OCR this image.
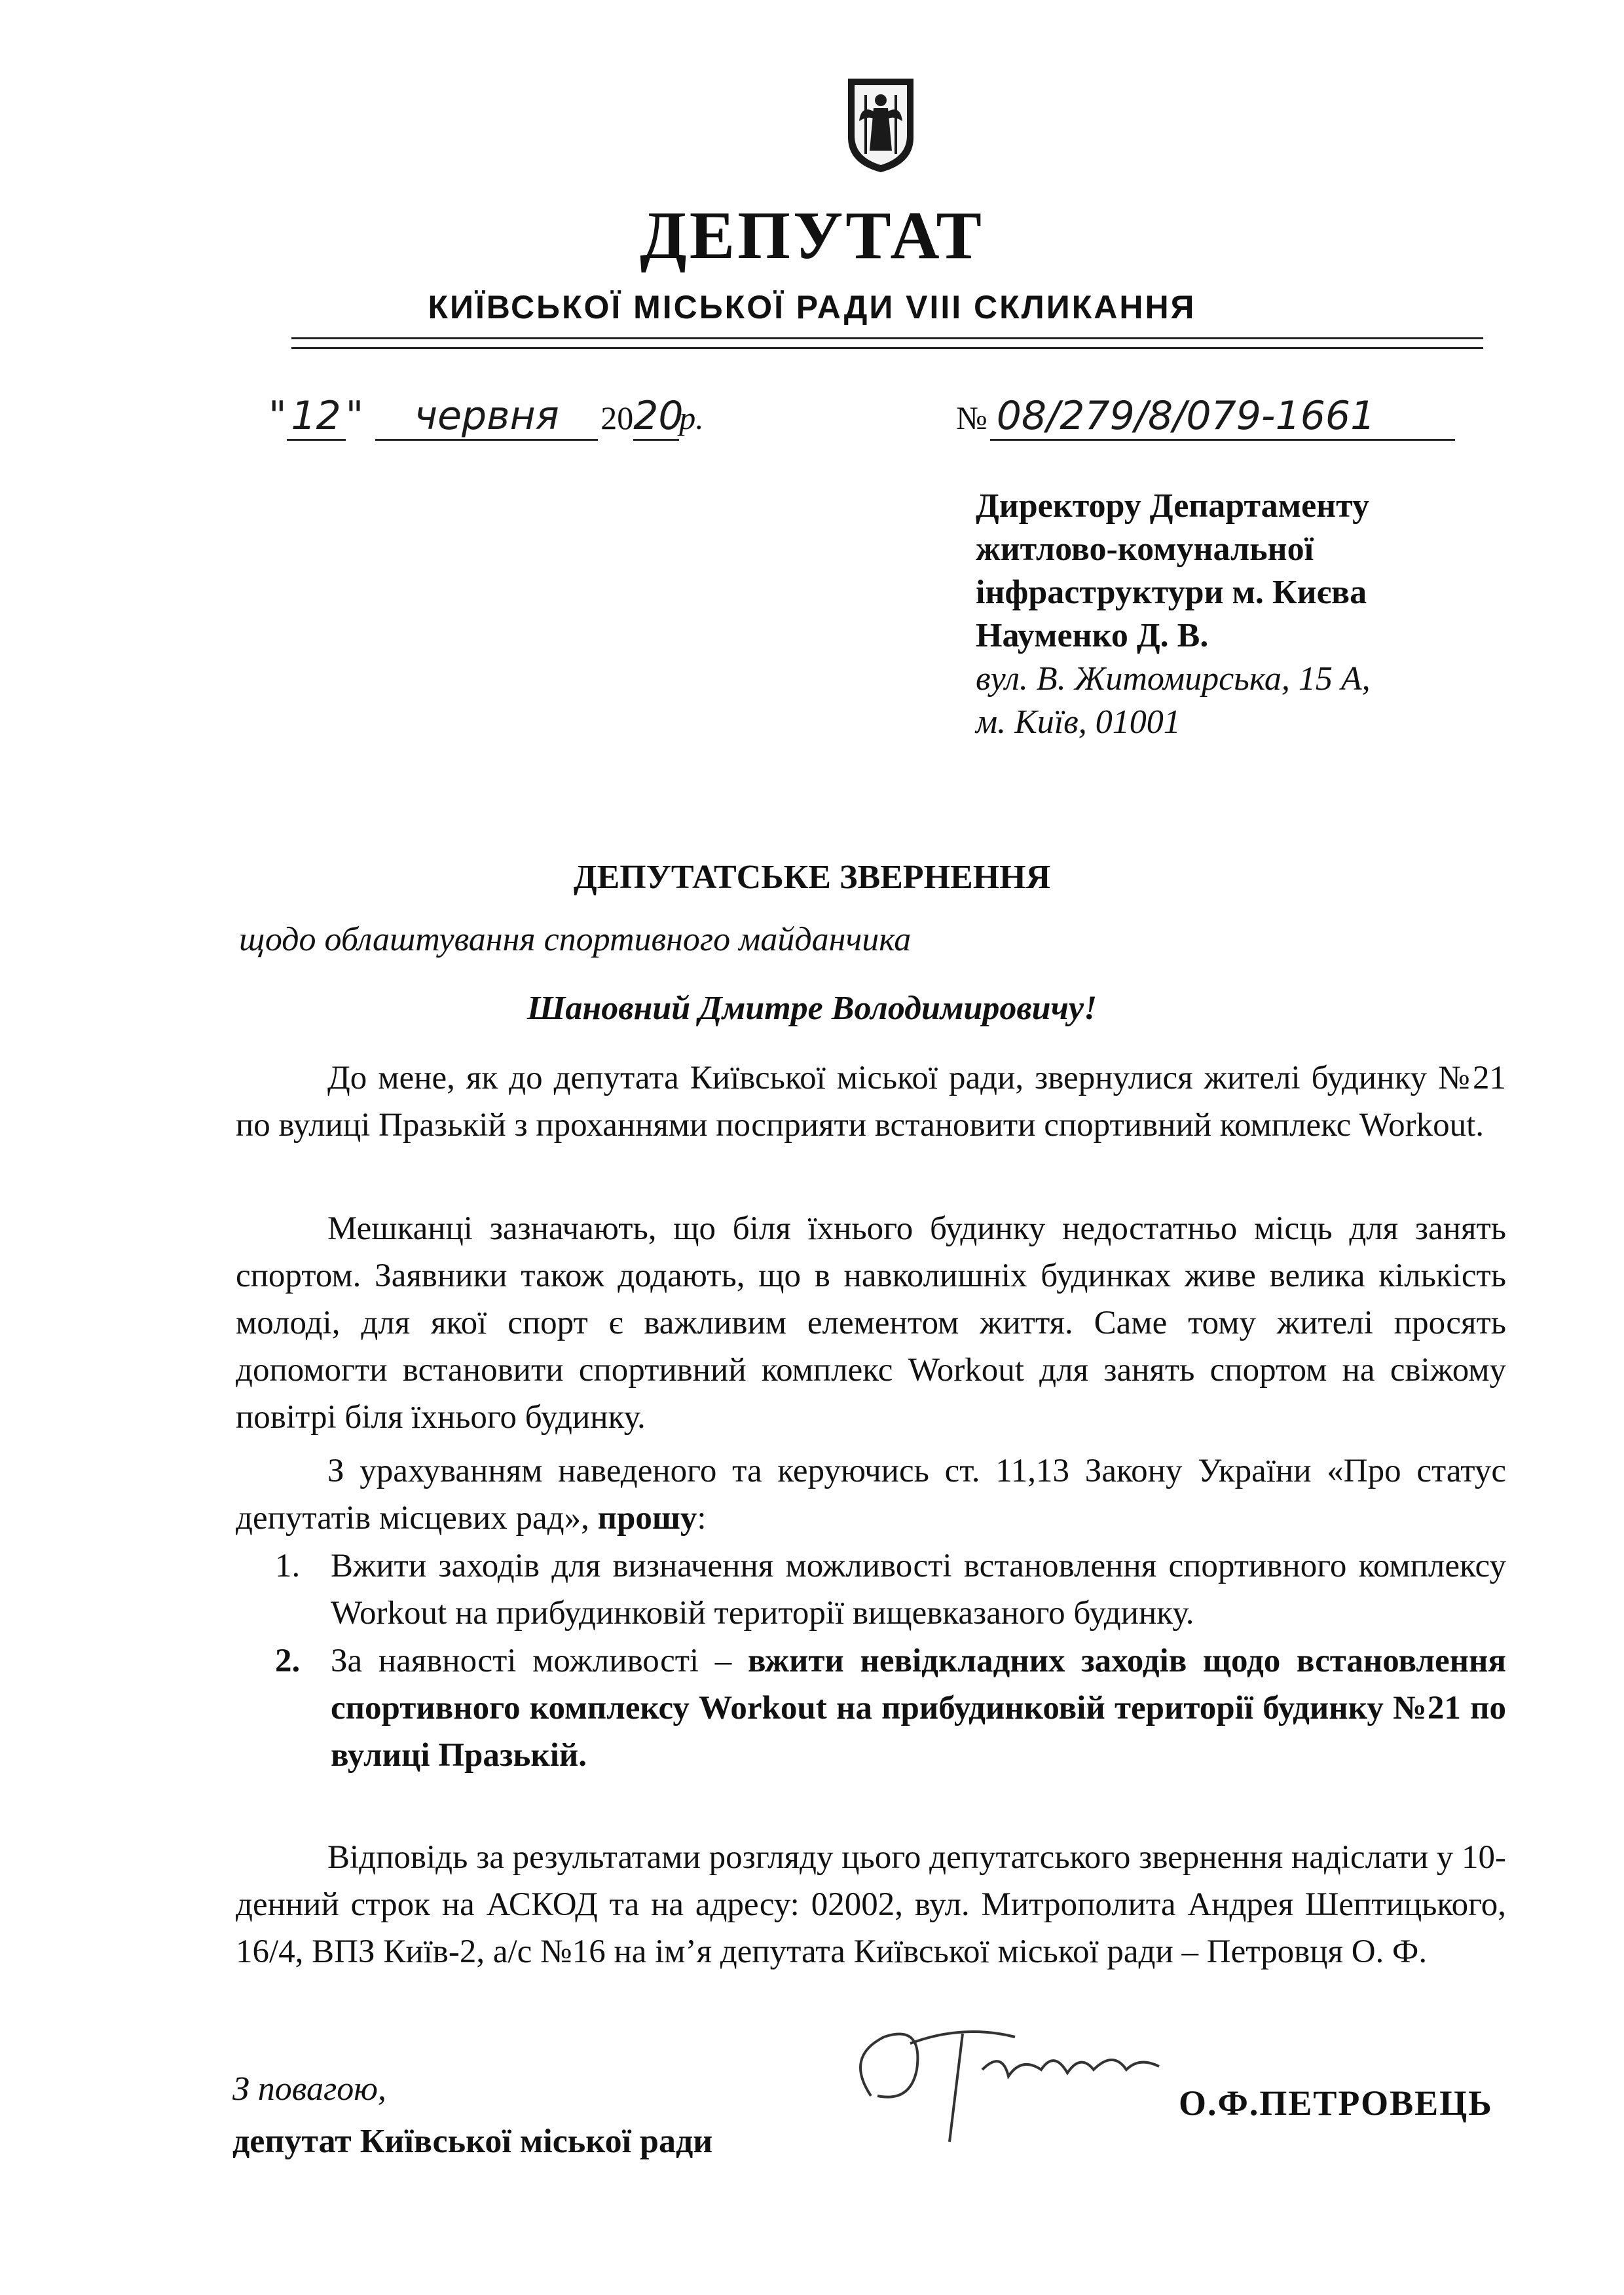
ДЕПУТАТ
КИЇВСЬКОЇ МІСЬКОЇ РАДИ VIII СКЛИКАННЯ
" 12 " червня 2020р.	№ 08/279/8/079-1661
Директору Департаменту
житлово-комунальної
інфраструктури м. Києва
Науменко Д. В.
вул. В. Житомирська, 15 А,
м. Київ, 01001
ДЕПУТАТСЬКЕ ЗВЕРНЕННЯ
щодо облаштування спортивного майданчика
Шановний Дмитре Володимировичу!
До мене, як до депутата Київської міської ради, звернулися жителі будинку №21 по вулиці Празькій з проханнями посприяти встановити спортивний комплекс Workout.
Мешканці зазначають, що біля їхнього будинку недостатньо місць для занять спортом. Заявники також додають, що в навколишніх будинках живе велика кількість молоді, для якої спорт є важливим елементом життя. Саме тому жителі просять допомогти встановити спортивний комплекс Workout для занять спортом на свіжому повітрі біля їхнього будинку.
З урахуванням наведеного та керуючись ст. 11,13 Закону України «Про статус депутатів місцевих рад», прошу:
1. Вжити заходів для визначення можливості встановлення спортивного комплексу Workout на прибудинковій території вищевказаного будинку.
2. За наявності можливості – вжити невідкладних заходів щодо встановлення спортивного комплексу Workout на прибудинковій території будинку №21 по вулиці Празькій.
Відповідь за результатами розгляду цього депутатського звернення надіслати у 10-денний строк на АСКОД та на адресу: 02002, вул. Митрополита Андрея Шептицького, 16/4, ВПЗ Київ-2, а/с №16 на ім’я депутата Київської міської ради – Петровця О. Ф.
З повагою,
депутат Київської міської ради
О.Ф.ПЕТРОВЕЦЬ
